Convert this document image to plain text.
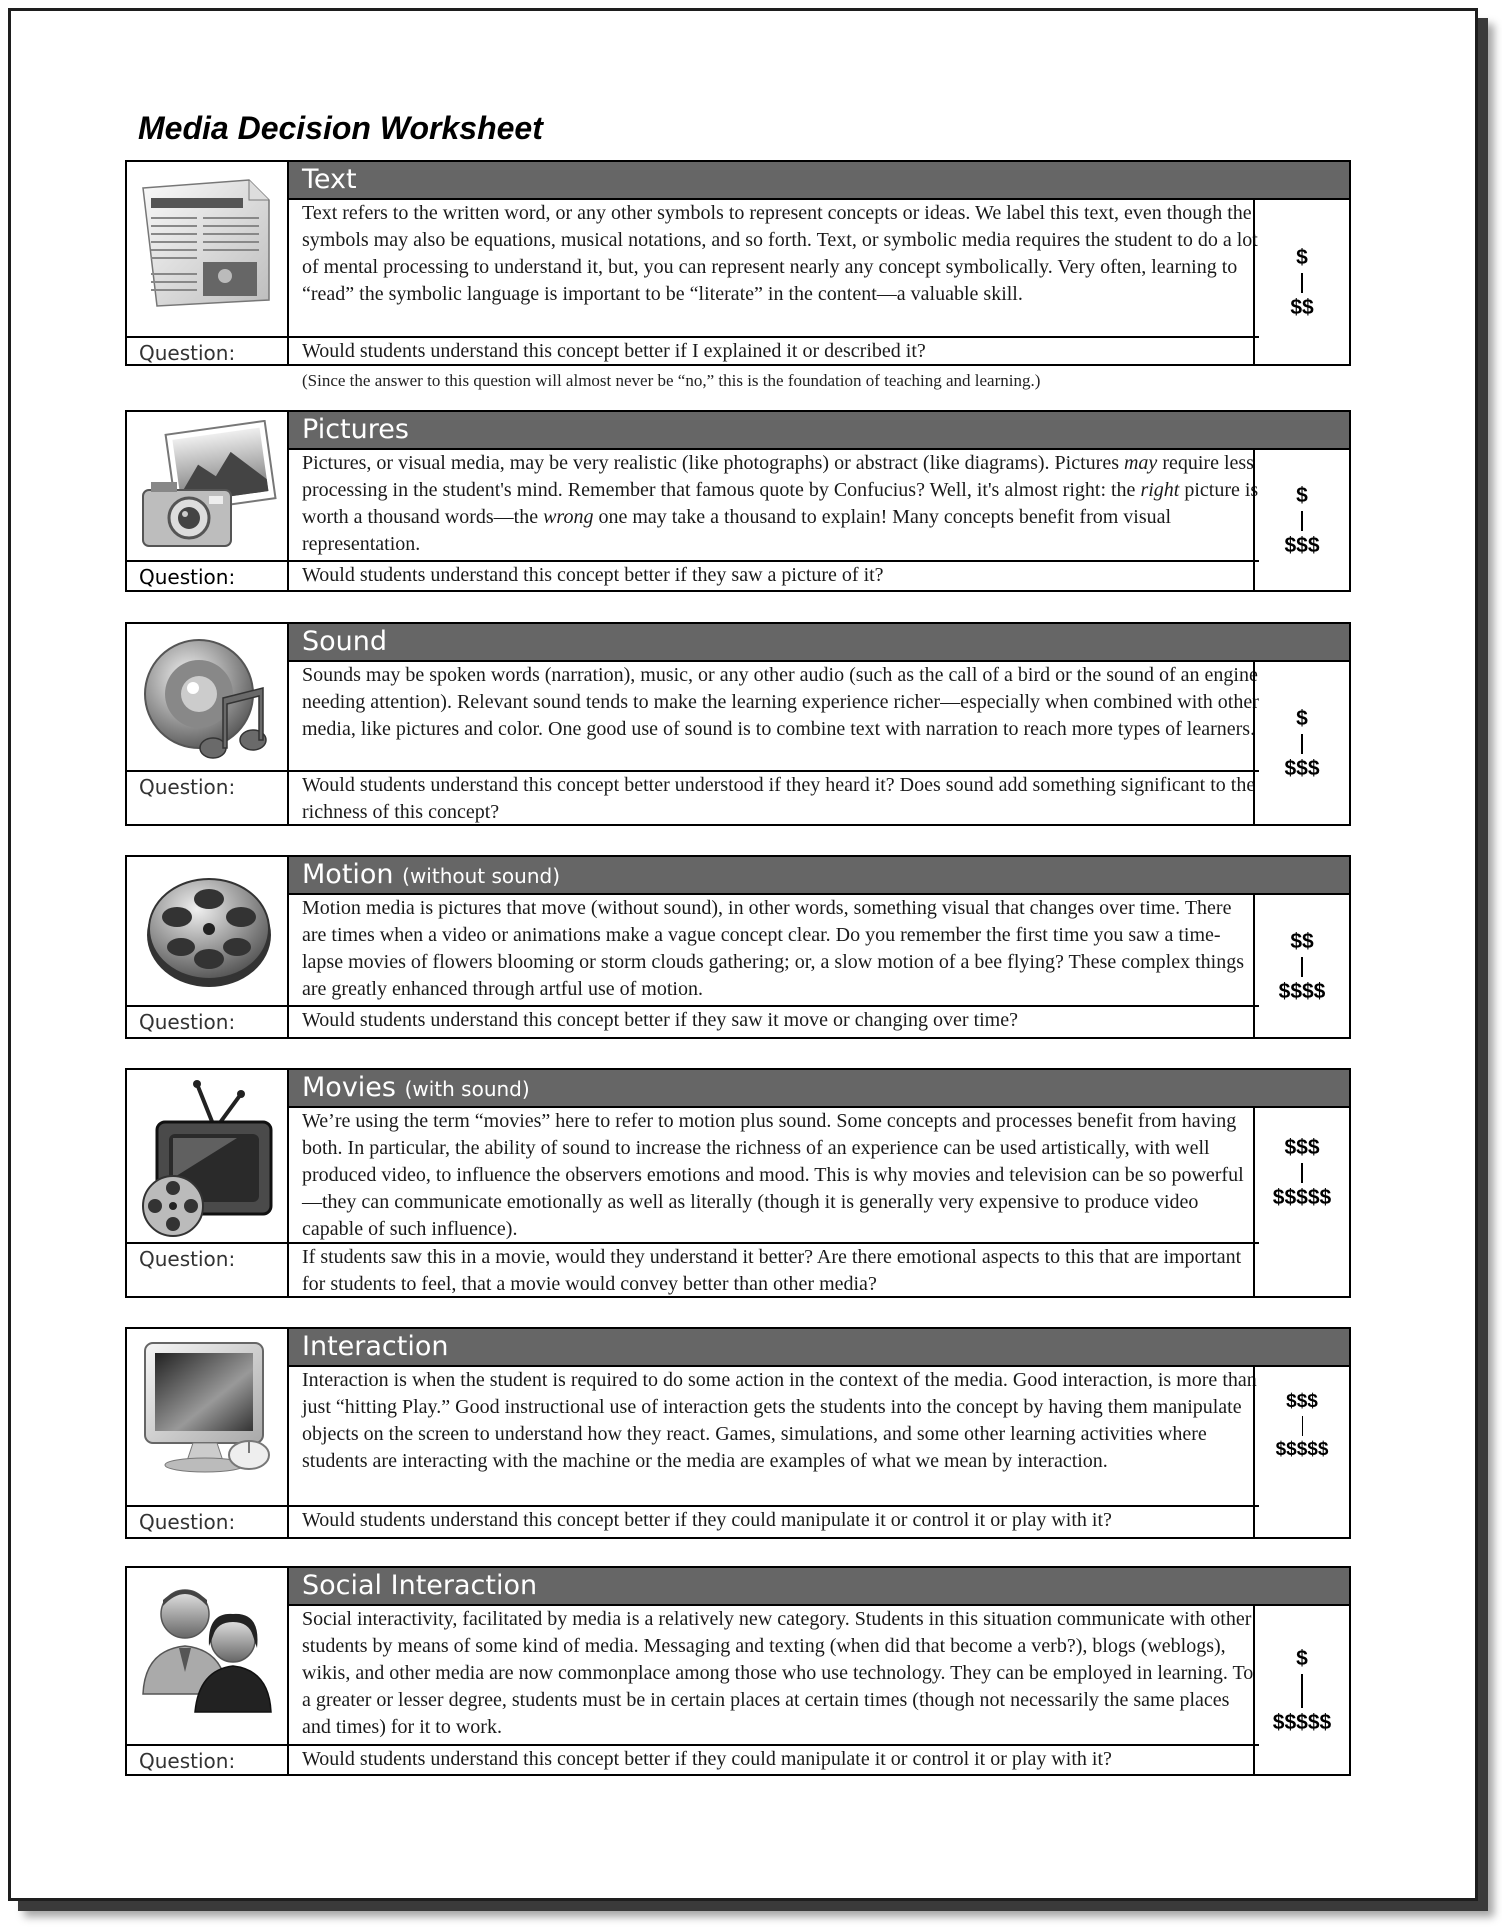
Media Decision Worksheet
Question:
Text
Text refers to the written word, or any other symbols to represent concepts or ideas. We label this text, even though the symbols may also be equations, musical notations, and so forth. Text, or symbolic media requires the student to do a lot of mental processing to understand it, but, you can represent nearly any concept symbolically. Very often, learning to “read” the symbolic language is important to be “literate” in the content—a valuable skill.
Would students understand this concept better if I explained it or described it?
$
$$
(Since the answer to this question will almost never be “no,” this is the foundation of teaching and learning.)
Question:
Pictures
Pictures, or visual media, may be very realistic (like photographs) or abstract (like diagrams). Pictures may require less processing in the student's mind. Remember that famous quote by Confucius? Well, it's almost right: the right picture is worth a thousand words—the wrong one may take a thousand to explain! Many concepts benefit from visual representation.
Would students understand this concept better if they saw a picture of it?
$
$$$
Question:
Sound
Sounds may be spoken words (narration), music, or any other audio (such as the call of a bird or the sound of an engine needing attention). Relevant sound tends to make the learning experience richer—especially when combined with other media, like pictures and color. One good use of sound is to combine text with narration to reach more types of learners.
Would students understand this concept better understood if they heard it? Does sound add something significant to the richness of this concept?
$
$$$
Question:
Motion (without sound)
Motion media is pictures that move (without sound), in other words, something visual that changes over time. There are times when a video or animations make a vague concept clear. Do you remember the first time you saw a time-lapse movies of flowers blooming or storm clouds gathering; or, a slow motion of a bee flying? These complex things are greatly enhanced through artful use of motion.
Would students understand this concept better if they saw it move or changing over time?
$$
$$$$
Question:
Movies (with sound)
We’re using the term “movies” here to refer to motion plus sound. Some concepts and processes benefit from having both. In particular, the ability of sound to increase the richness of an experience can be used artistically, with well produced video, to influence the observers emotions and mood. This is why movies and television can be so powerful—they can communicate emotionally as well as literally (though it is generally very expensive to produce video capable of such influence).
If students saw this in a movie, would they understand it better? Are there emotional aspects to this that are important for students to feel, that a movie would convey better than other media?
$$$
$$$$$
Question:
Interaction
Interaction is when the student is required to do some action in the context of the media. Good interaction, is more than just “hitting Play.” Good instructional use of interaction gets the students into the concept by having them manipulate objects on the screen to understand how they react. Games, simulations, and some other learning activities where students are interacting with the machine or the media are examples of what we mean by interaction.
Would students understand this concept better if they could manipulate it or control it or play with it?
$$$
$$$$$
Question:
Social Interaction
Social interactivity, facilitated by media is a relatively new category. Students in this situation communicate with other students by means of some kind of media. Messaging and texting (when did that become a verb?), blogs (weblogs), wikis, and other media are now commonplace among those who use technology. They can be employed in learning. To a greater or lesser degree, students must be in certain places at certain times (though not necessarily the same places and times) for it to work.
Would students understand this concept better if they could manipulate it or control it or play with it?
$
$$$$$
